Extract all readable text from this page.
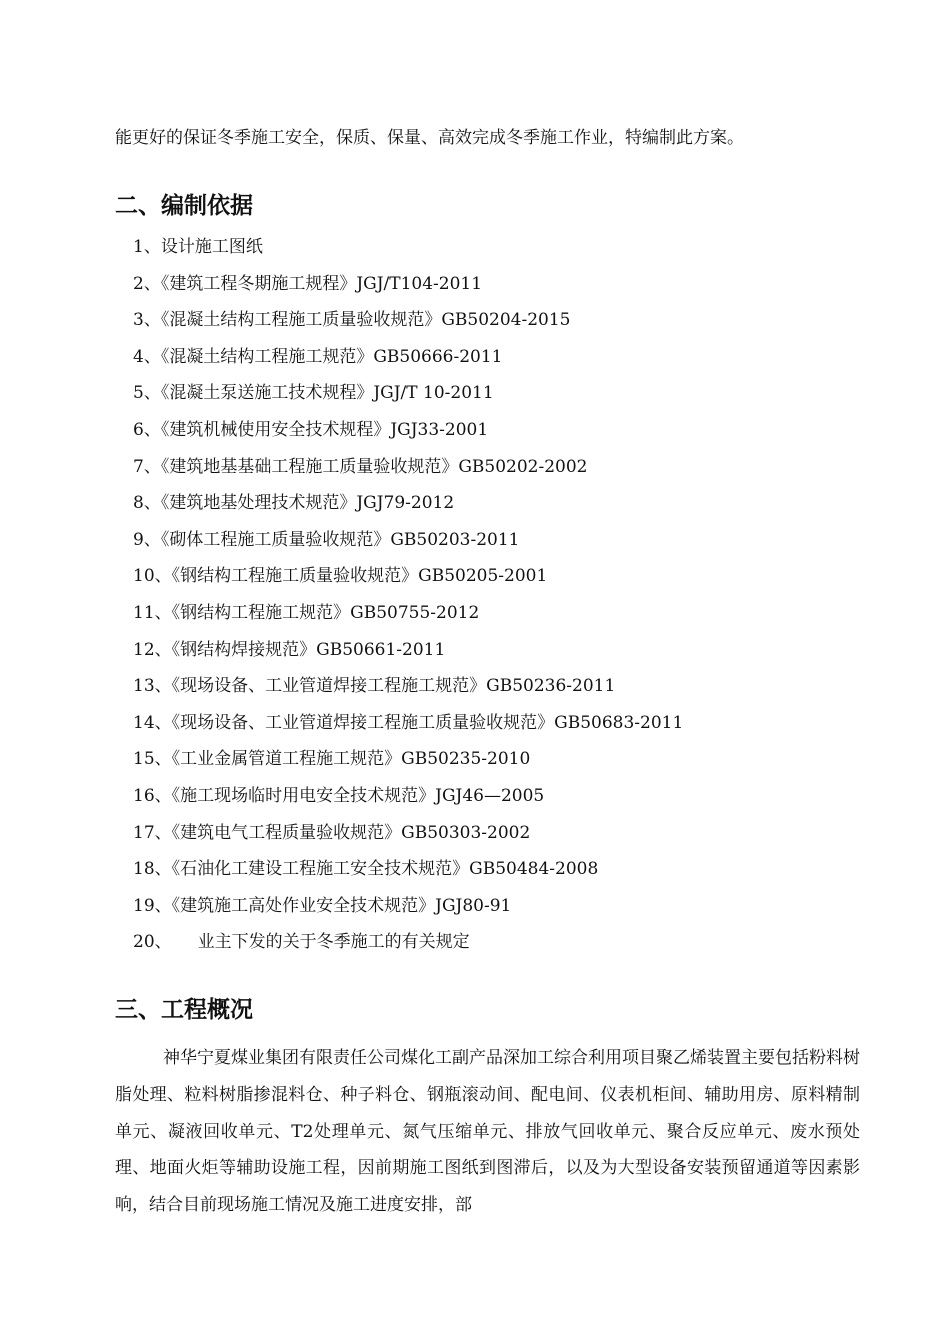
能更好的保证冬季施工安全，保质、保量、高效完成冬季施工作业，特编制此方案。
二、编制依据
1、设计施工图纸
2、《建筑工程冬期施工规程》JGJ/T104-2011
3、《混凝土结构工程施工质量验收规范》GB50204-2015
4、《混凝土结构工程施工规范》GB50666-2011
5、《混凝土泵送施工技术规程》JGJ/T 10-2011
6、《建筑机械使用安全技术规程》JGJ33-2001
7、《建筑地基基础工程施工质量验收规范》GB50202-2002
8、《建筑地基处理技术规范》JGJ79-2012
9、《砌体工程施工质量验收规范》GB50203-2011
10、《钢结构工程施工质量验收规范》GB50205-2001
11、《钢结构工程施工规范》GB50755-2012
12、《钢结构焊接规范》GB50661-2011
13、《现场设备、工业管道焊接工程施工规范》GB50236-2011
14、《现场设备、工业管道焊接工程施工质量验收规范》GB50683-2011
15、《工业金属管道工程施工规范》GB50235-2010
16、《施工现场临时用电安全技术规范》JGJ46—2005
17、《建筑电气工程质量验收规范》GB50303-2002
18、《石油化工建设工程施工安全技术规范》GB50484-2008
19、《建筑施工高处作业安全技术规范》JGJ80-91
20、 业主下发的关于冬季施工的有关规定
三、工程概况

神华宁夏煤业集团有限责任公司煤化工副产品深加工综合利用项目聚乙烯装置主要包括粉料树脂处理、粒料树脂掺混料仓、种子料仓、钢瓶滚动间、配电间、仪表机柜间、辅助用房、原料精制单元、凝液回收单元、T2处理单元、氮气压缩单元、排放气回收单元、聚合反应单元、废水预处理、地面火炬等辅助设施工程，因前期施工图纸到图滞后，以及为大型设备安装预留通道等因素影响，结合目前现场施工情况及施工进度安排，部
